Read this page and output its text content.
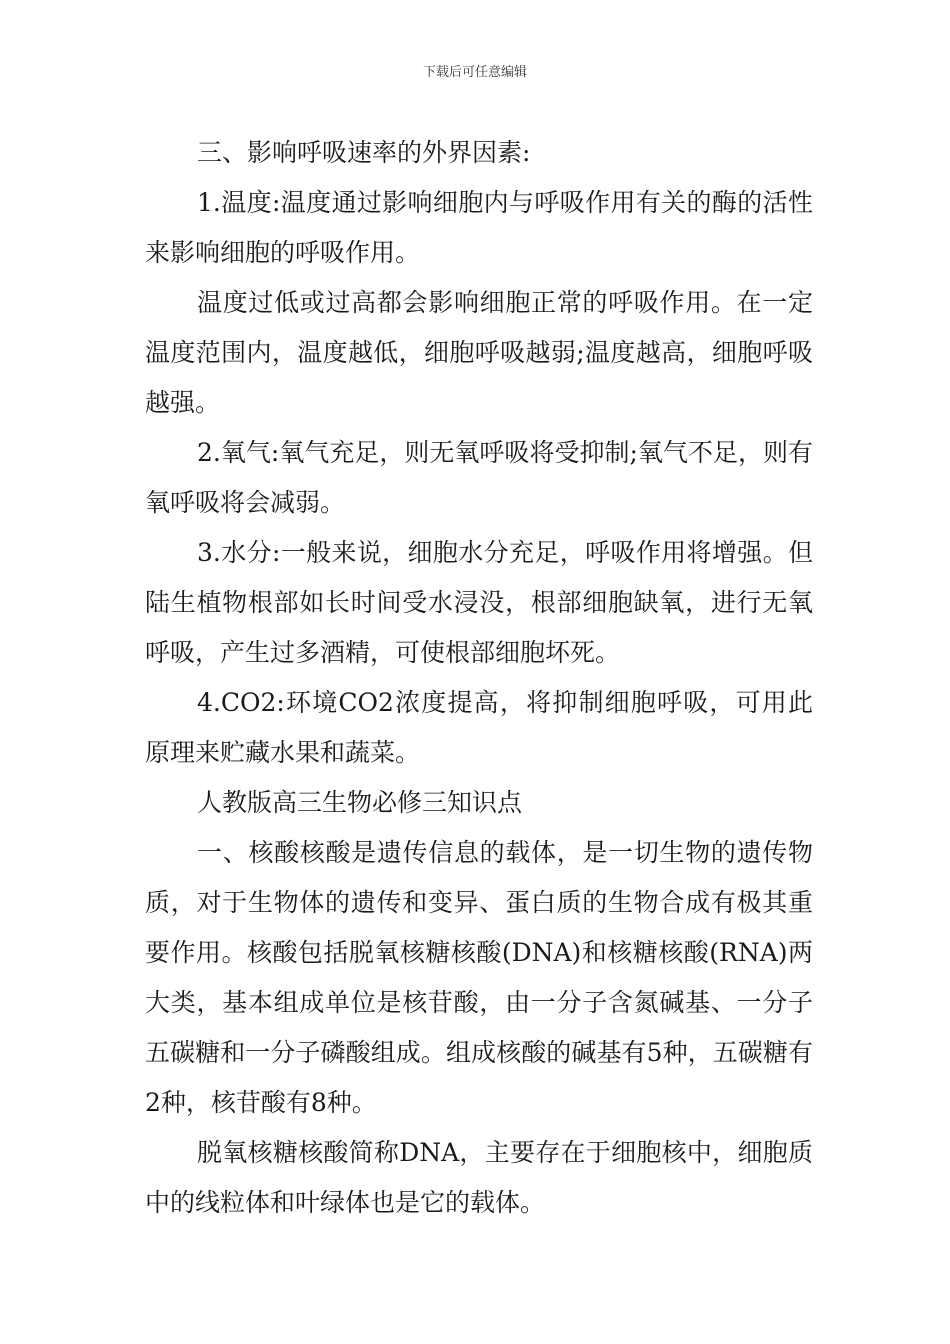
下载后可任意编辑

三、影响呼吸速率的外界因素:

1.温度:温度通过影响细胞内与呼吸作用有关的酶的活性来影响细胞的呼吸作用。

温度过低或过高都会影响细胞正常的呼吸作用。在一定温度范围内，温度越低，细胞呼吸越弱;温度越高，细胞呼吸越强。

2.氧气:氧气充足，则无氧呼吸将受抑制;氧气不足，则有氧呼吸将会减弱。

3.水分:一般来说，细胞水分充足，呼吸作用将增强。但陆生植物根部如长时间受水浸没，根部细胞缺氧，进行无氧呼吸，产生过多酒精，可使根部细胞坏死。

4.CO2:环境CO2浓度提高，将抑制细胞呼吸，可用此原理来贮藏水果和蔬菜。

人教版高三生物必修三知识点

一、核酸核酸是遗传信息的载体，是一切生物的遗传物质，对于生物体的遗传和变异、蛋白质的生物合成有极其重要作用。核酸包括脱氧核糖核酸(DNA)和核糖核酸(RNA)两大类，基本组成单位是核苷酸，由一分子含氮碱基、一分子五碳糖和一分子磷酸组成。组成核酸的碱基有5种，五碳糖有2种，核苷酸有8种。

脱氧核糖核酸简称DNA，主要存在于细胞核中，细胞质中的线粒体和叶绿体也是它的载体。
